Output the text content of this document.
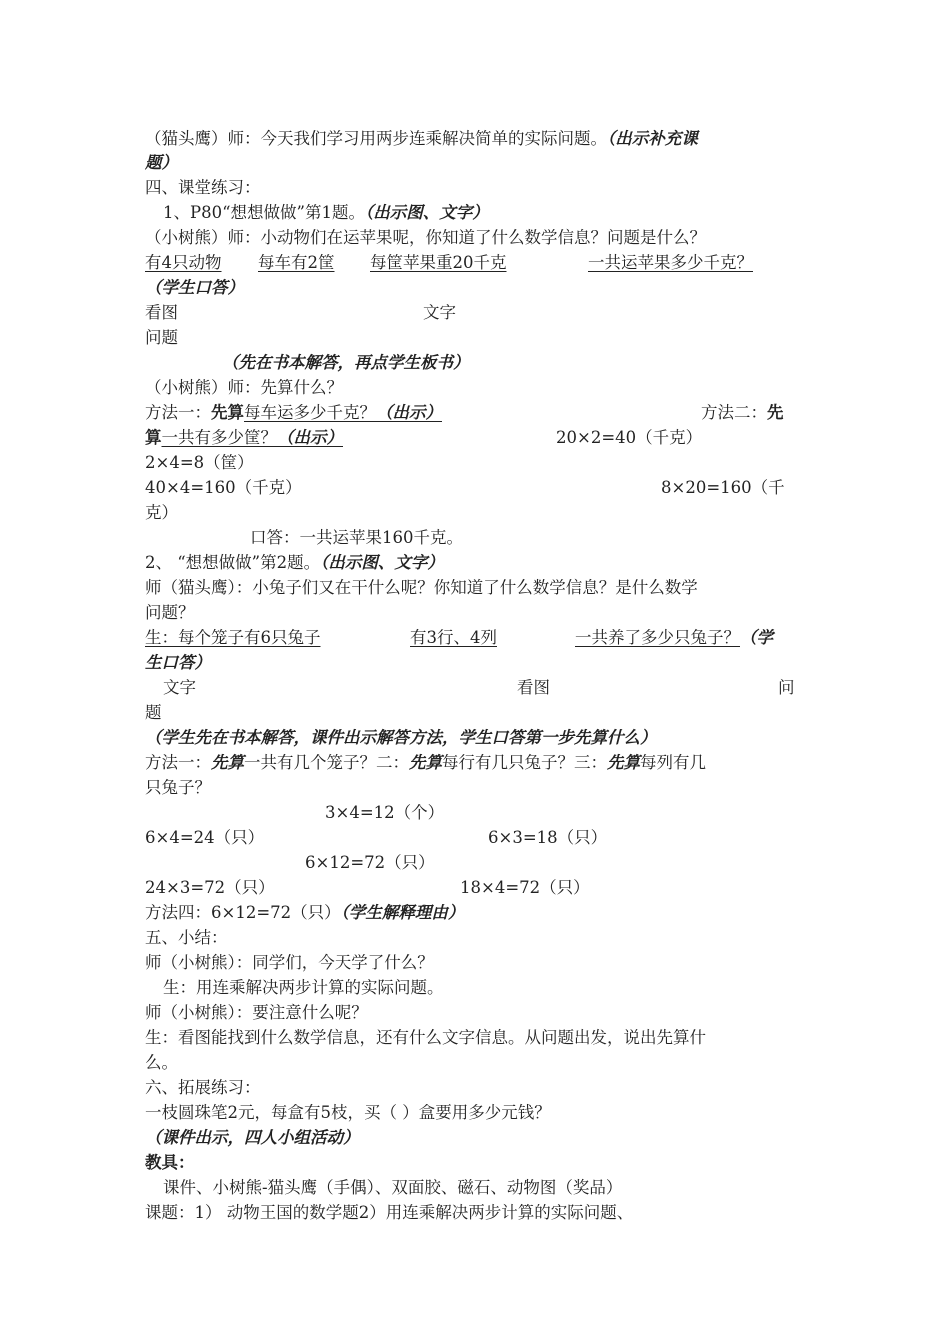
（猫头鹰）师：今天我们学习用两步连乘解决简单的实际问题。（出示补充课
题）
四、课堂练习：
1、P80“想想做做”第1题。（出示图、文字）
（小树熊）师：小动物们在运苹果呢，你知道了什么数学信息？问题是什么？
有4只动物 每车有2筐 每筐苹果重20千克	一共运苹果多少千克？
（学生口答）
看图	文字
问题
（先在书本解答，再点学生板书）
（小树熊）师：先算什么？
方法一：先算每车运多少千克？（出示）	方法二：先
算一共有多少筐？（出示）	20×2=40（千克）
2×4=8（筐）
40×4=160（千克）	8×20=160（千
克）
口答：一共运苹果160千克。
2、 “想想做做”第2题。（出示图、文字）
师（猫头鹰）：小兔子们又在干什么呢？你知道了什么数学信息？是什么数学
问题？
生：每个笼子有6只兔子	有3行、4列	一共养了多少只兔子？（学
生口答）
文字	看图	问
题
（学生先在书本解答，课件出示解答方法，学生口答第一步先算什么）
方法一：先算一共有几个笼子？二：先算每行有几只兔子？三：先算每列有几
只兔子？
3×4=12（个）
6×4=24（只）	6×3=18（只）
6×12=72（只）
24×3=72（只）	18×4=72（只）
方法四：6×12=72（只）（学生解释理由）
五、小结：
师（小树熊）：同学们，今天学了什么？
生：用连乘解决两步计算的实际问题。
师（小树熊）：要注意什么呢？
生：看图能找到什么数学信息，还有什么文字信息。从问题出发，说出先算什
么。
六、拓展练习：
一枝圆珠笔2元，每盒有5枝，买（ ）盒要用多少元钱？
（课件出示，四人小组活动）
教具：
课件、小树熊-猫头鹰（手偶）、双面胶、磁石、动物图（奖品）
课题：1） 动物王国的数学题2）用连乘解决两步计算的实际问题、
